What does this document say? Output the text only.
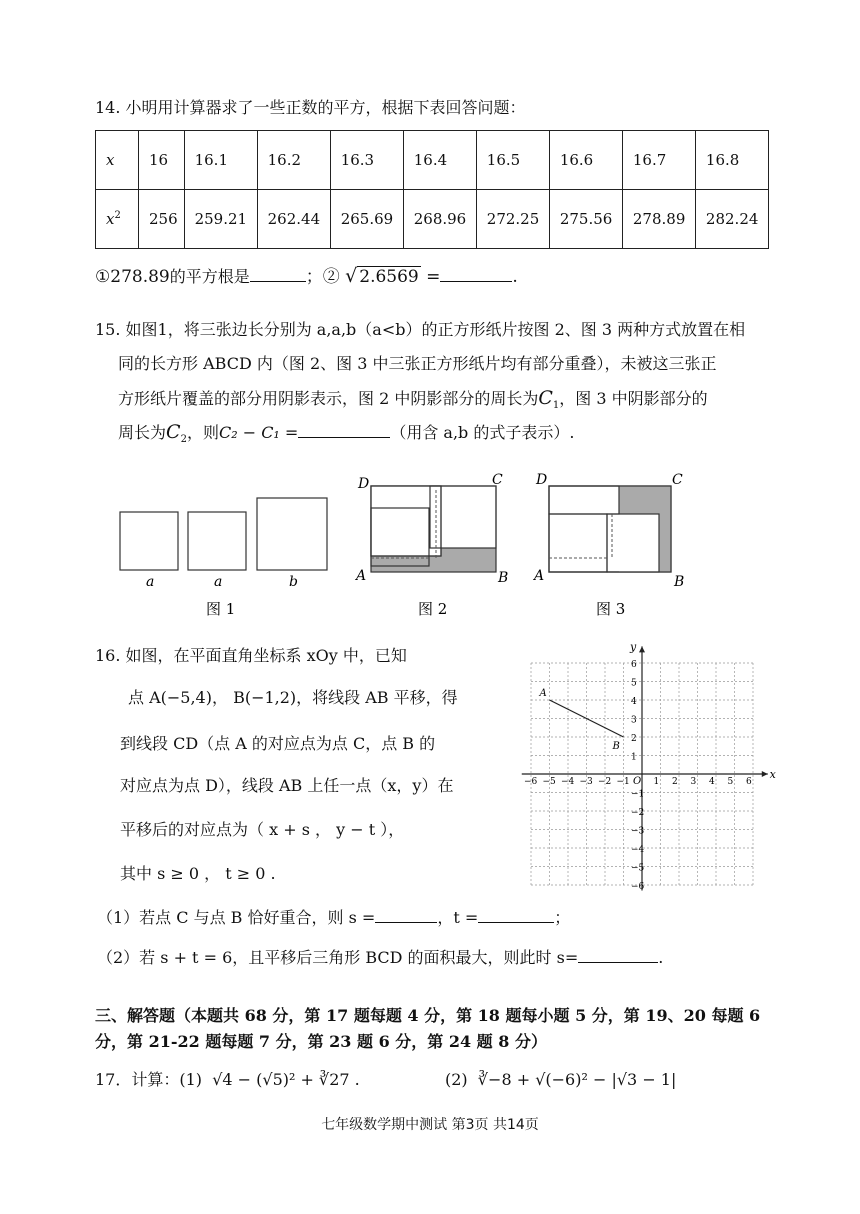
14. 小明用计算器求了一些正数的平方，根据下表回答问题：
x	16	16.1	16.2	16.3	16.4	16.5	16.6	16.7	16.8
$x^2$	256	259.21	262.44	265.69	268.96	272.25	275.56	278.89	282.24
①278.89的平方根是	；② √ 2.6569 =	.
15. 如图1，将三张边长分别为 a,a,b（a<b）的正方形纸片按图 2、图 3 两种方式放置在相
同的长方形 ABCD 内（图 2、图 3 中三张正方形纸片均有部分重叠），未被这三张正
方形纸片覆盖的部分用阴影表示，图 2 中阴影部分的周长为$C_1$，图 3 中阴影部分的
周长为$C_2$，则C₂ − C₁ =	（用含 a,b 的式子表示）.
a	a	b
图 1
D	C
A	B
图 2
D	C
A	B
图 3
16. 如图，在平面直角坐标系 xOy 中，已知
点 A(−5,4)， B(−1,2)，将线段 AB 平移，得
到线段 CD（点 A 的对应点为点 C，点 B 的
对应点为点 D），线段 AB 上任一点（x，y）在
平移后的对应点为（ x + s ， y − t ），
其中 s ≥ 0 ， t ≥ 0 .
（1）若点 C 与点 B 恰好重合，则 s =	，t =	；
（2）若 s + t = 6，且平移后三角形 BCD 的面积最大，则此时 s=	.
x
y
O
−6 −5 −4 −3 −2 −1	1 2 3 4 5 6
6
5
4
3
2
1
−1
−2
−3
−4
−5
−6
A
B
三、解答题（本题共 68 分，第 17 题每题 4 分，第 18 题每小题 5 分，第 19、20 每题 6
分，第 21-22 题每题 7 分，第 23 题 6 分，第 24 题 8 分）
17．计算：(1) √4 − (√5)² + ∛27 .	(2) ∛−8 + √(−6)² − |√3 − 1|
七年级数学期中测试 第3页 共14页
